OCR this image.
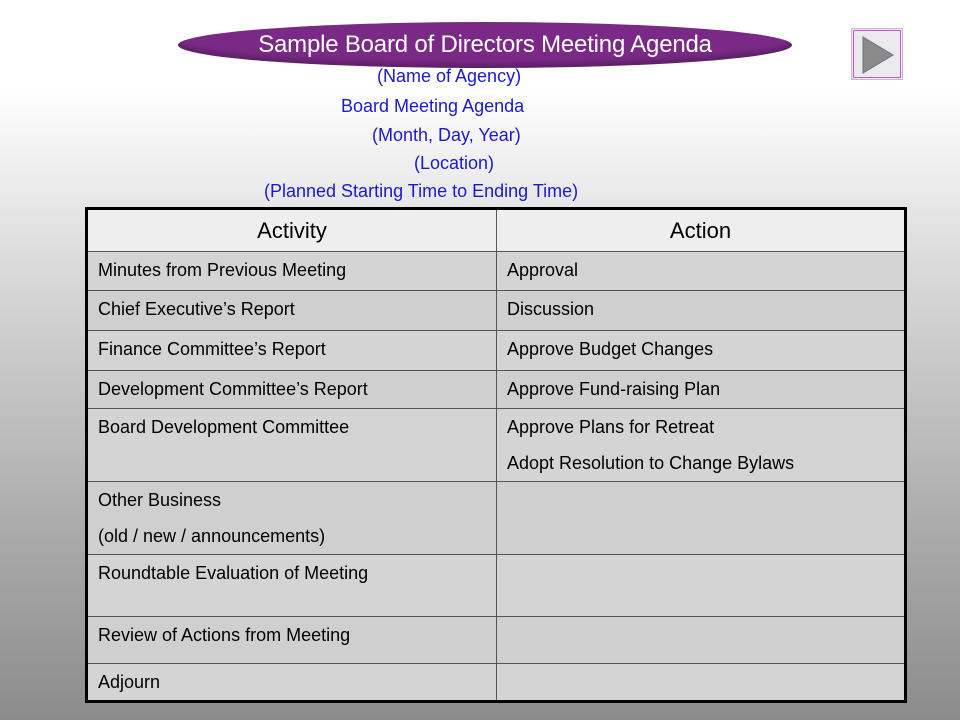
Sample Board of Directors Meeting Agenda
(Name of Agency)
Board Meeting Agenda
(Month, Day, Year)
(Location)
(Planned Starting Time to Ending Time)
Activity	Action

Minutes from Previous Meeting	Approval

Chief Executive’s Report	Discussion

Finance Committee’s Report	Approve Budget Changes

Development Committee’s Report	Approve Fund-raising Plan

Board Development Committee	Approve Plans for Retreat
Adopt Resolution to Change Bylaws

Other Business
(old / new / announcements)	

Roundtable Evaluation of Meeting	

Review of Actions from Meeting	

Adjourn	
